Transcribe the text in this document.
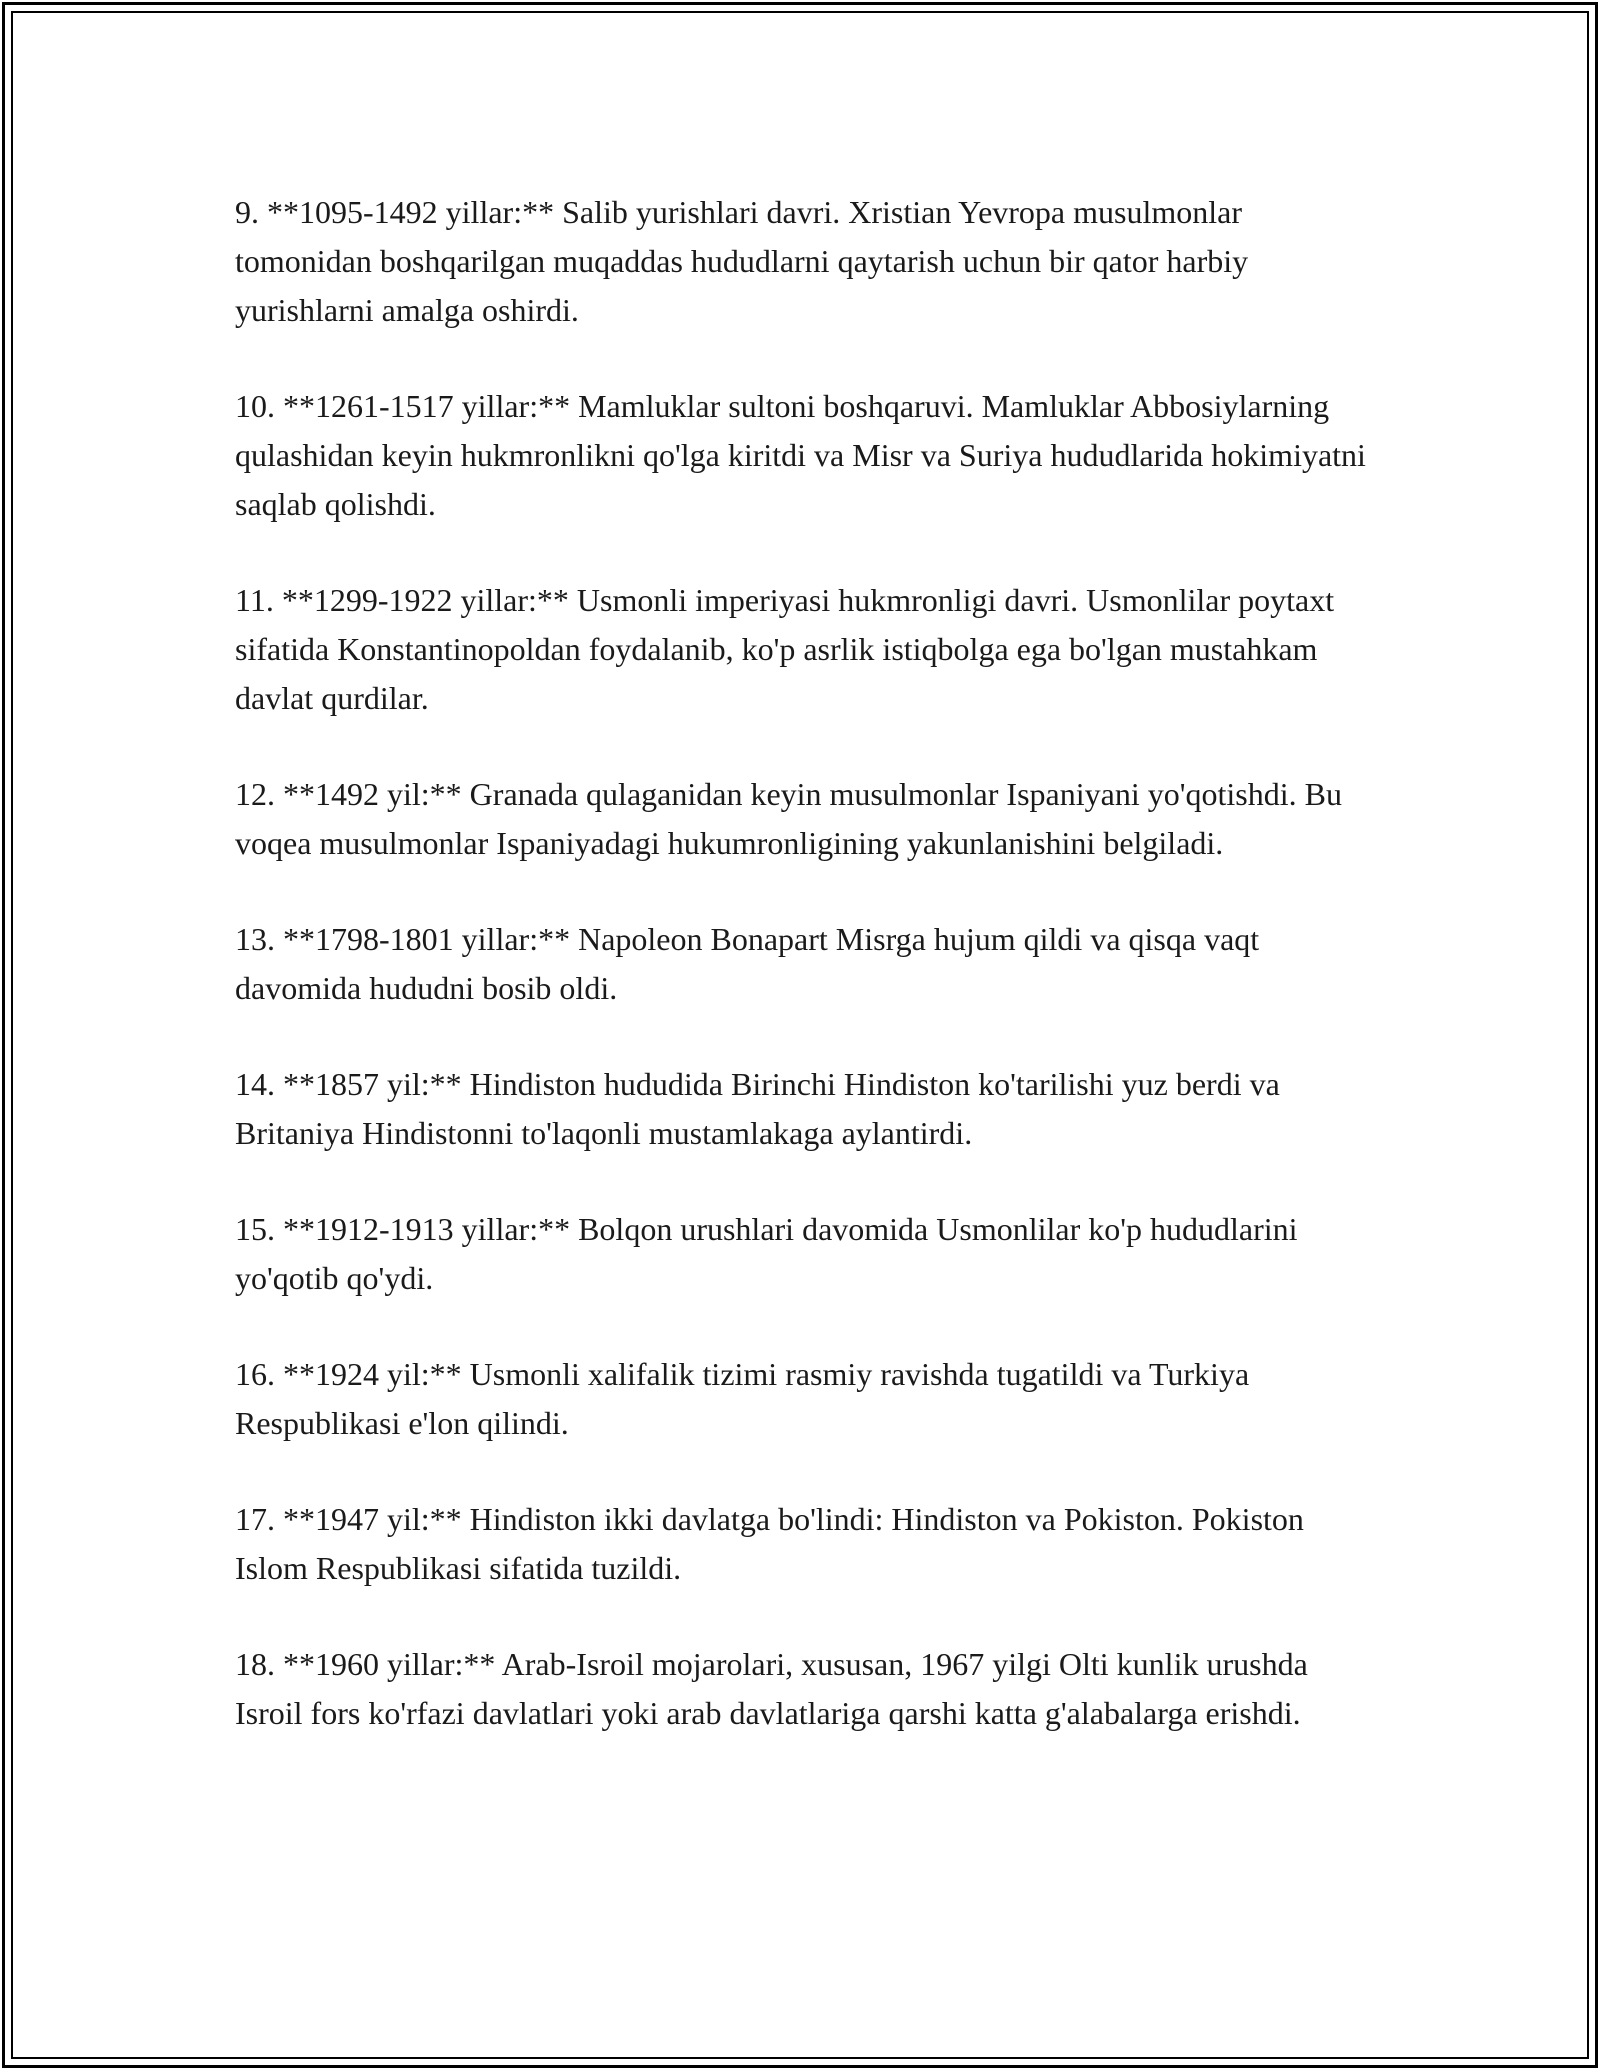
9. **1095-1492 yillar:** Salib yurishlari davri. Xristian Yevropa musulmonlar tomonidan boshqarilgan muqaddas hududlarni qaytarish uchun bir qator harbiy yurishlarni amalga oshirdi.

10. **1261-1517 yillar:** Mamluklar sultoni boshqaruvi. Mamluklar Abbosiylarning qulashidan keyin hukmronlikni qo'lga kiritdi va Misr va Suriya hududlarida hokimiyatni saqlab qolishdi.

11. **1299-1922 yillar:** Usmonli imperiyasi hukmronligi davri. Usmonlilar poytaxt sifatida Konstantinopoldan foydalanib, ko'p asrlik istiqbolga ega bo'lgan mustahkam davlat qurdilar.

12. **1492 yil:** Granada qulaganidan keyin musulmonlar Ispaniyani yo'qotishdi. Bu voqea musulmonlar Ispaniyadagi hukumronligining yakunlanishini belgiladi.

13. **1798-1801 yillar:** Napoleon Bonapart Misrga hujum qildi va qisqa vaqt davomida hududni bosib oldi.

14. **1857 yil:** Hindiston hududida Birinchi Hindiston ko'tarilishi yuz berdi va Britaniya Hindistonni to'laqonli mustamlakaga aylantirdi.

15. **1912-1913 yillar:** Bolqon urushlari davomida Usmonlilar ko'p hududlarini yo'qotib qo'ydi.

16. **1924 yil:** Usmonli xalifalik tizimi rasmiy ravishda tugatildi va Turkiya Respublikasi e'lon qilindi.

17. **1947 yil:** Hindiston ikki davlatga bo'lindi: Hindiston va Pokiston. Pokiston Islom Respublikasi sifatida tuzildi.

18. **1960 yillar:** Arab-Isroil mojarolari, xususan, 1967 yilgi Olti kunlik urushda Isroil fors ko'rfazi davlatlari yoki arab davlatlariga qarshi katta g'alabalarga erishdi.
